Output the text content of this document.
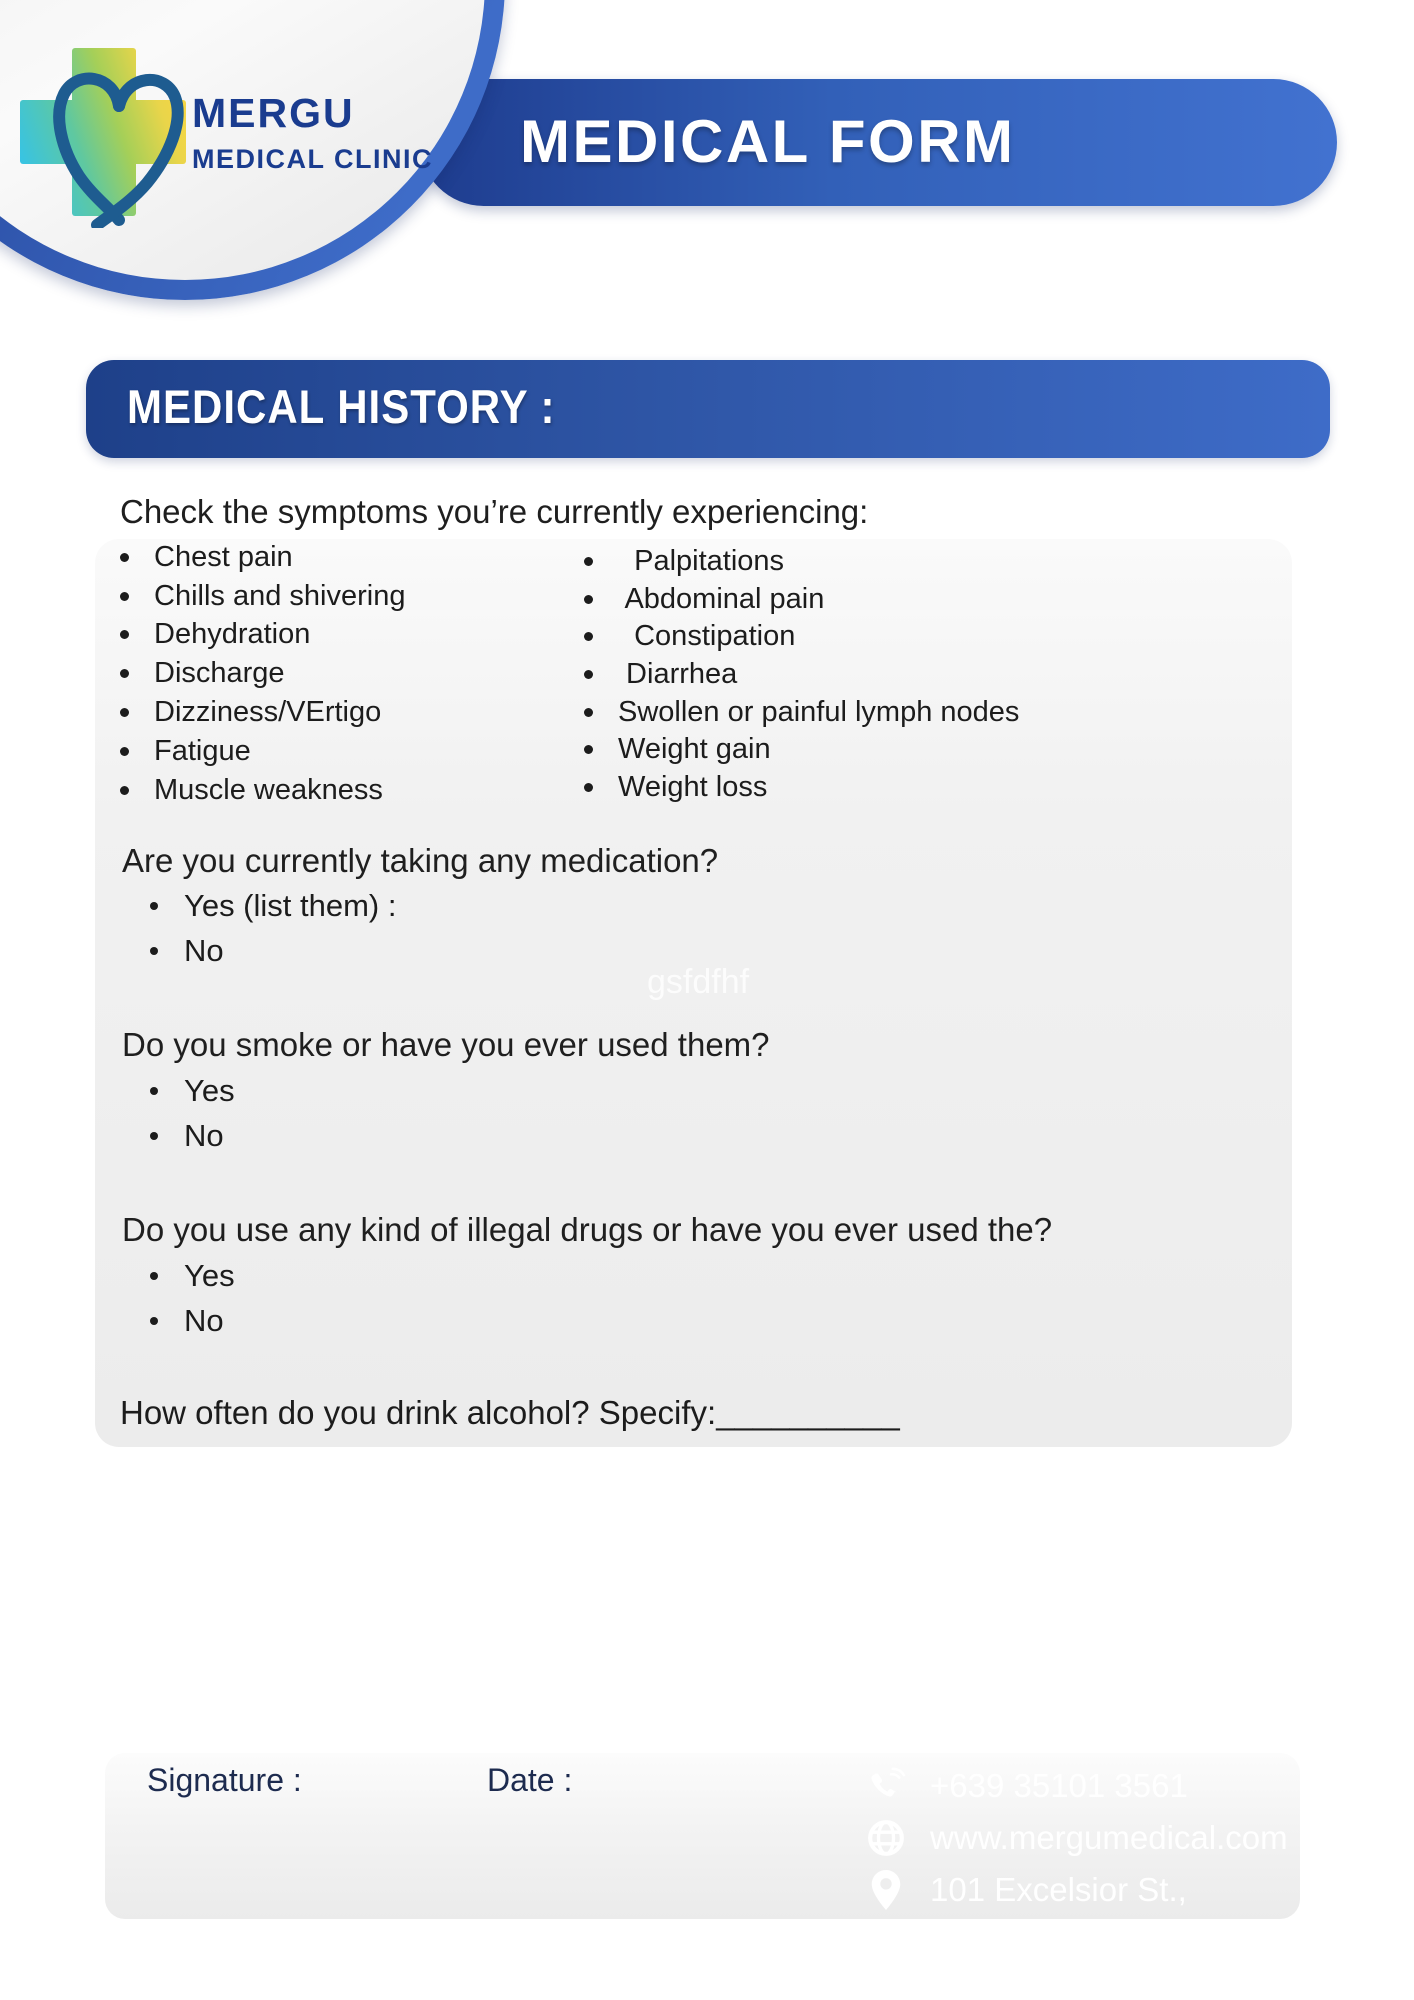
MEDICAL FORM
MERGU
MEDICAL CLINIC
MEDICAL HISTORY :
Check the symptoms you’re currently experiencing:
Chest pain
Chills and shivering
Dehydration
Discharge
Dizziness/VErtigo
Fatigue
Muscle weakness
Palpitations
Abdominal pain
Constipation
Diarrhea
Swollen or painful lymph nodes
Weight gain
Weight loss
Are you currently taking any medication?
Yes (list them) :
No
gsfdfhf
Do you smoke or have you ever used them?
Yes
No
Do you use any kind of illegal drugs or have you ever used the?
Yes
No
How often do you drink alcohol? Specify:__________
Signature :	Date :	+639 35101 3561
www.mergumedical.com
101 Excelsior St., Rockwell City
